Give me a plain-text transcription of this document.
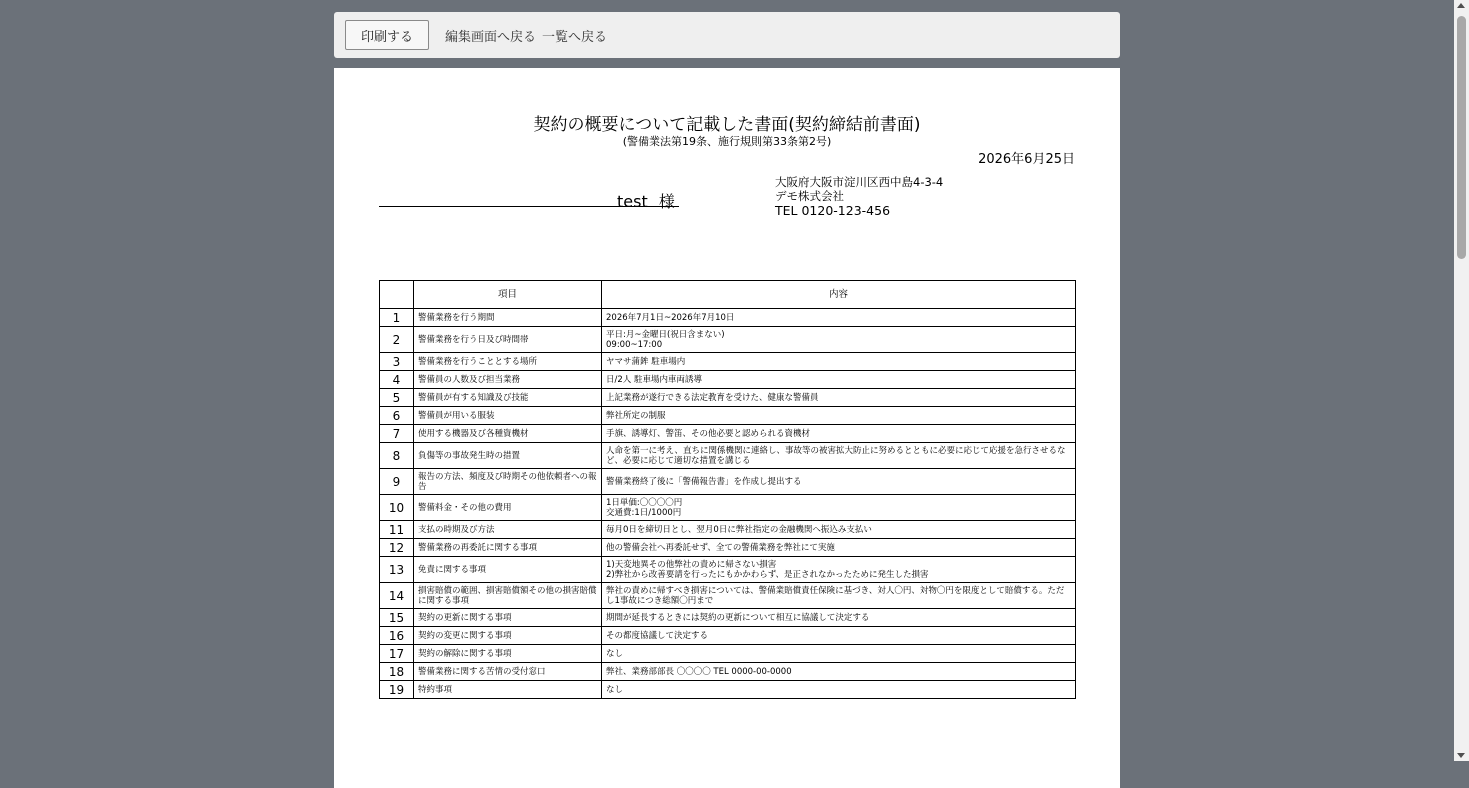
印刷する	編集画面へ戻る 一覧へ戻る
契約の概要について記載した書面(契約締結前書面)
(警備業法第19条、施行規則第33条第2号)
2026年6月25日
test 様
大阪府大阪市淀川区西中島4-3-4
デモ株式会社
TEL 0120-123-456
	項目	内容
1	警備業務を行う期間	2026年7月1日~2026年7月10日
2	警備業務を行う日及び時間帯	平日:月~金曜日(祝日含まない)
09:00~17:00
3	警備業務を行うこととする場所	ヤマサ蒲鉾 駐車場内
4	警備員の人数及び担当業務	日/2人 駐車場内車両誘導
5	警備員が有する知識及び技能	上記業務が遂行できる法定教育を受けた、健康な警備員
6	警備員が用いる服装	弊社所定の制服
7	使用する機器及び各種資機材	手旗、誘導灯、警笛、その他必要と認められる資機材
8	負傷等の事故発生時の措置	人命を第一に考え、直ちに関係機関に連絡し、事故等の被害拡大防止に努めるとともに必要に応じて応援を急行させるなど、必要に応じて適切な措置を講じる
9	報告の方法、頻度及び時期その他依頼者への報告	警備業務終了後に「警備報告書」を作成し提出する
10	警備料金・その他の費用	1日単価:〇〇〇〇円
交通費:1日/1000円
11	支払の時期及び方法	毎月0日を締切日とし、翌月0日に弊社指定の金融機関へ振込み支払い
12	警備業務の再委託に関する事項	他の警備会社へ再委託せず、全ての警備業務を弊社にて実施
13	免責に関する事項	1)天変地異その他弊社の責めに帰さない損害
2)弊社から改善要請を行ったにもかかわらず、是正されなかったために発生した損害
14	損害賠償の範囲、損害賠償額その他の損害賠償に関する事項	弊社の責めに帰すべき損害については、警備業賠償責任保険に基づき、対人〇円、対物〇円を限度として賠償する。ただし1事故につき総額〇円まで
15	契約の更新に関する事項	期間が延長するときには契約の更新について相互に協議して決定する
16	契約の変更に関する事項	その都度協議して決定する
17	契約の解除に関する事項	なし
18	警備業務に関する苦情の受付窓口	弊社、業務部部長 〇〇〇〇 TEL 0000-00-0000
19	特約事項	なし
